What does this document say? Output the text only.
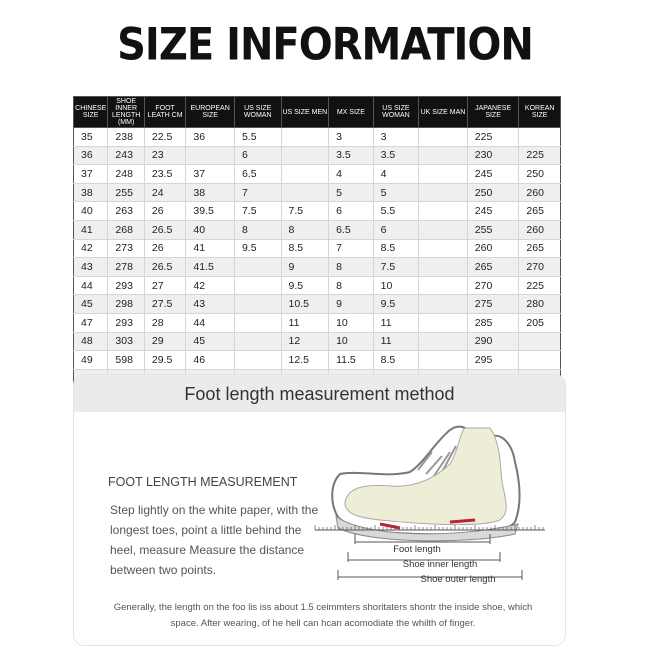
SIZE INFORMATION
CHINESE SIZE	SHOE INNER LENGTH (MM)	FOOT LEATH CM	EUROPEAN SIZE	US SIZE WOMAN	US SIZE MEN	MX SIZE	US SIZE WOMAN	UK SIZE MAN	JAPANESE SIZE	KOREAN SIZE
35	238	22.5	36	5.5		3	3		225	
36	243	23		6		3.5	3.5		230	225
37	248	23.5	37	6.5		4	4		245	250
38	255	24	38	7		5	5		250	260
40	263	26	39.5	7.5	7.5	6	5.5		245	265
41	268	26.5	40	8	8	6.5	6		255	260
42	273	26	41	9.5	8.5	7	8.5		260	265
43	278	26.5	41.5		9	8	7.5		265	270
44	293	27	42		9.5	8	10		270	225
45	298	27.5	43		10.5	9	9.5		275	280
47	293	28	44		11	10	11		285	205
48	303	29	45		12	10	11		290	
49	598	29.5	46		12.5	11.5	8.5		295	

Foot length measurement method
FOOT LENGTH MEASUREMENT
Step lightly on the white paper, with the longest toes, point a little behind the heel, measure Measure the distance between two points.
Foot length
Shoe inner length
Shoe outer length
Generally, the length on the foo lis iss about 1.5 ceimmters shoritaters shontr the inside shoe, which space. After wearing, of he hell can hcan acomodiate the whilth of finger.
